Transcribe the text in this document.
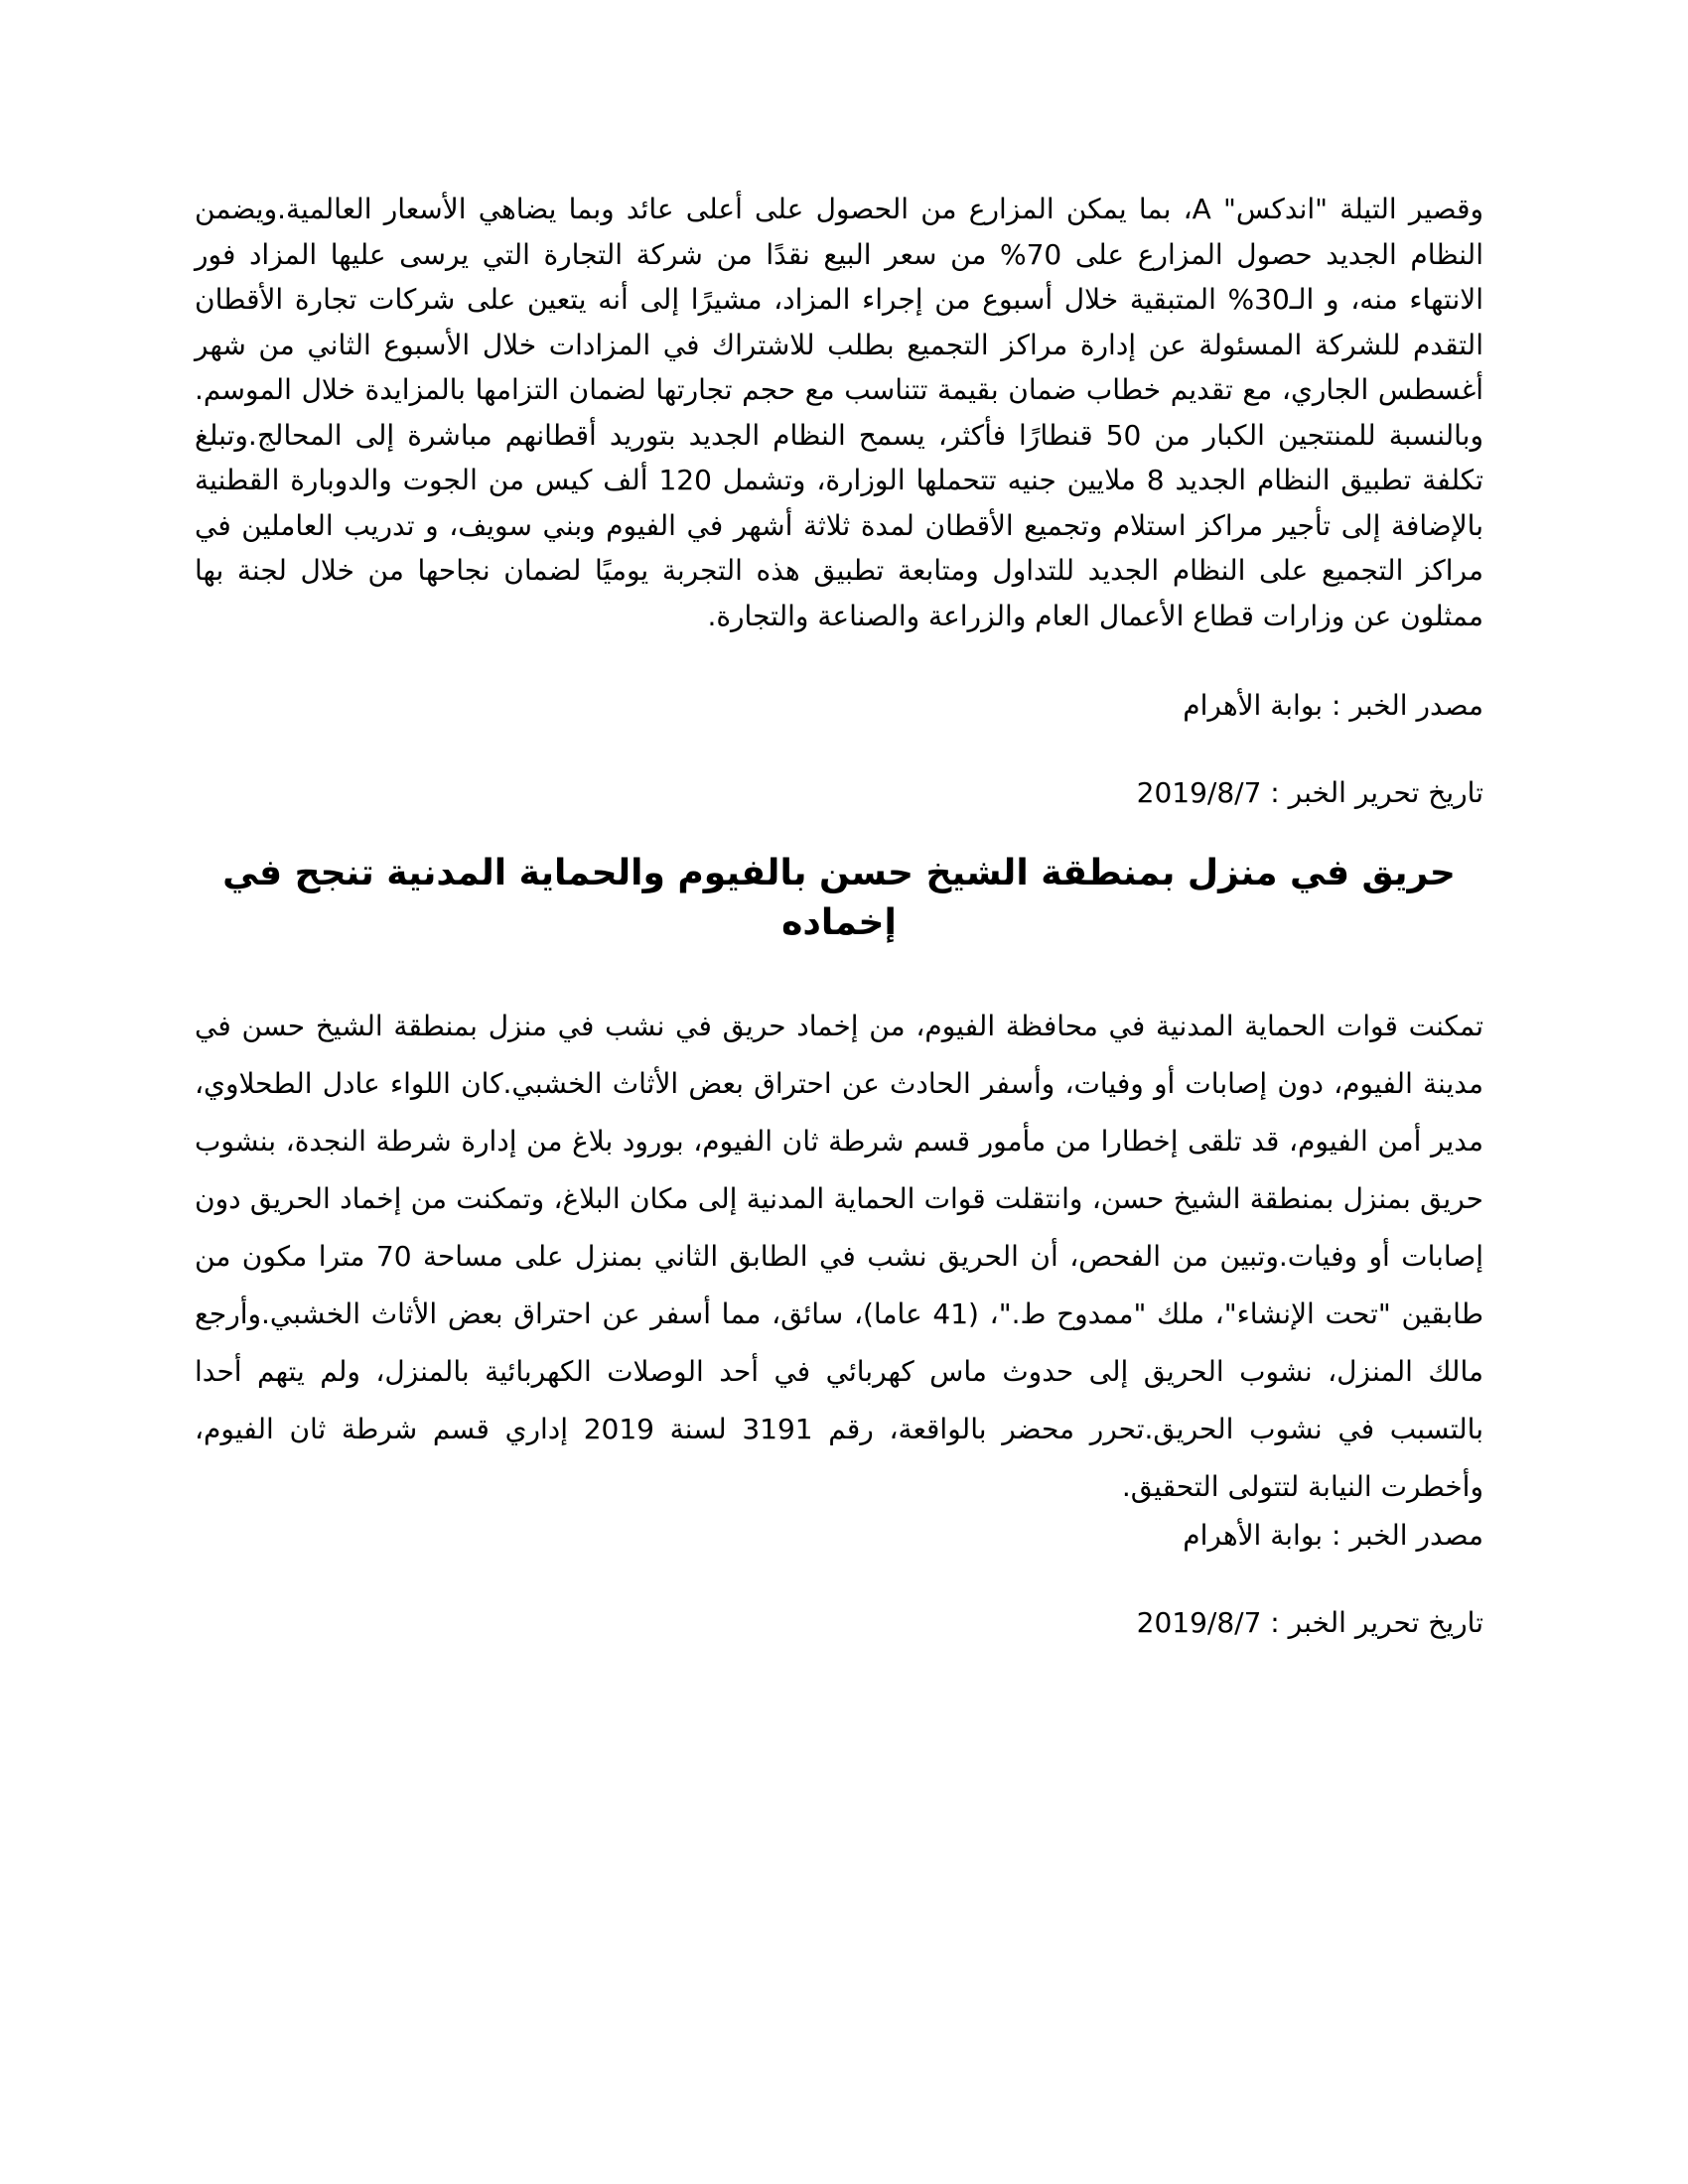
وقصير التيلة "اندكس" A، بما يمكن المزارع من الحصول على أعلى عائد وبما يضاهي الأسعار العالمية.ويضمن النظام الجديد حصول المزارع على 70% من سعر البيع نقدًا من شركة التجارة التي يرسى عليها المزاد فور الانتهاء منه، و الـ30% المتبقية خلال أسبوع من إجراء المزاد، مشيرًا إلى أنه يتعين على شركات تجارة الأقطان التقدم للشركة المسئولة عن إدارة مراكز التجميع بطلب للاشتراك في المزادات خلال الأسبوع الثاني من شهر أغسطس الجاري، مع تقديم خطاب ضمان بقيمة تتناسب مع حجم تجارتها لضمان التزامها بالمزايدة خلال الموسم. وبالنسبة للمنتجين الكبار من 50 قنطارًا فأكثر، يسمح النظام الجديد بتوريد أقطانهم مباشرة إلى المحالج.وتبلغ تكلفة تطبيق النظام الجديد 8 ملايين جنيه تتحملها الوزارة، وتشمل 120 ألف كيس من الجوت والدوبارة القطنية بالإضافة إلى تأجير مراكز استلام وتجميع الأقطان لمدة ثلاثة أشهر في الفيوم وبني سويف، و تدريب العاملين في مراكز التجميع على النظام الجديد للتداول ومتابعة تطبيق هذه التجربة يوميًا لضمان نجاحها من خلال لجنة بها ممثلون عن وزارات قطاع الأعمال العام والزراعة والصناعة والتجارة.

مصدر الخبر : بوابة الأهرام

تاريخ تحرير الخبر : 2019/8/7

حريق في منزل بمنطقة الشيخ حسن بالفيوم والحماية المدنية تنجح في إخماده

تمكنت قوات الحماية المدنية في محافظة الفيوم، من إخماد حريق في نشب في منزل بمنطقة الشيخ حسن في مدينة الفيوم، دون إصابات أو وفيات، وأسفر الحادث عن احتراق بعض الأثاث الخشبي.كان اللواء عادل الطحلاوي، مدير أمن الفيوم، قد تلقى إخطارا من مأمور قسم شرطة ثان الفيوم، بورود بلاغ من إدارة شرطة النجدة، بنشوب حريق بمنزل بمنطقة الشيخ حسن، وانتقلت قوات الحماية المدنية إلى مكان البلاغ، وتمكنت من إخماد الحريق دون إصابات أو وفيات.وتبين من الفحص، أن الحريق نشب في الطابق الثاني بمنزل على مساحة 70 مترا مكون من طابقين "تحت الإنشاء"، ملك "ممدوح ط."، (41 عاما)، سائق، مما أسفر عن احتراق بعض الأثاث الخشبي.وأرجع مالك المنزل، نشوب الحريق إلى حدوث ماس كهربائي في أحد الوصلات الكهربائية بالمنزل، ولم يتهم أحدا بالتسبب في نشوب الحريق.تحرر محضر بالواقعة، رقم 3191 لسنة 2019 إداري قسم شرطة ثان الفيوم، وأخطرت النيابة لتتولى التحقيق.

مصدر الخبر : بوابة الأهرام

تاريخ تحرير الخبر : 2019/8/7
